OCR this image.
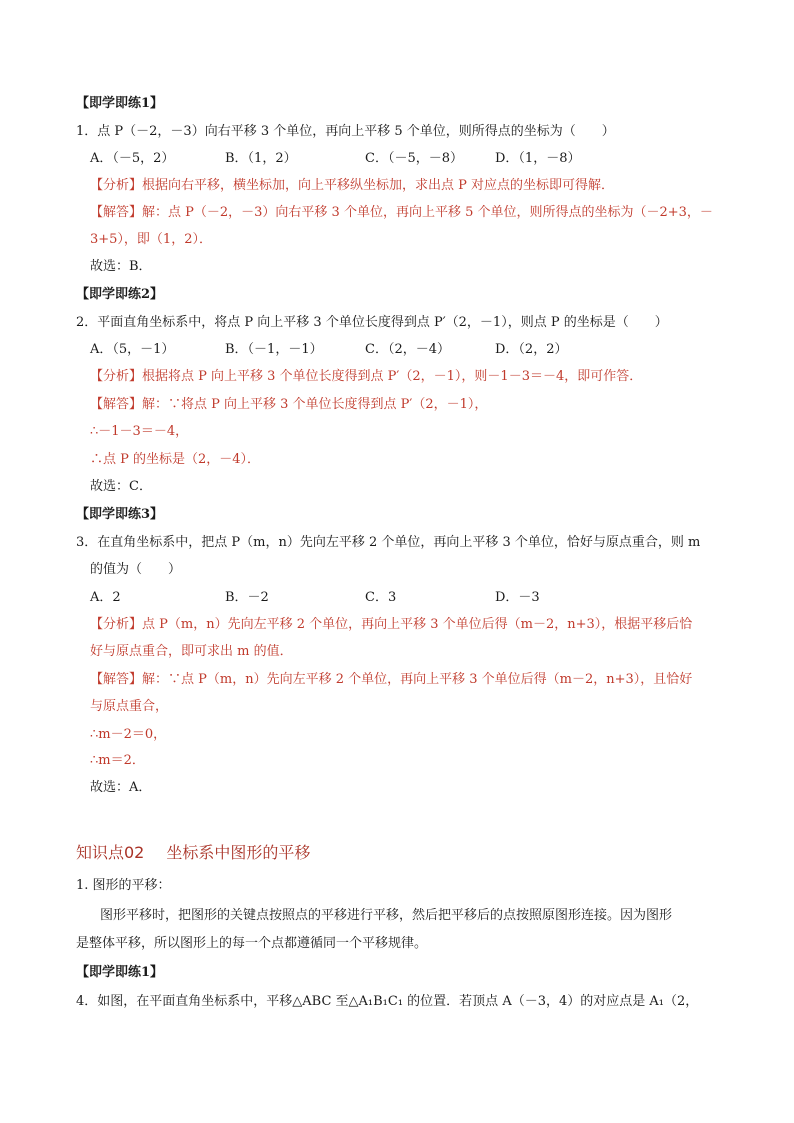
【即学即练1】
1．点 P（－2，－3）向右平移 3 个单位，再向上平移 5 个单位，则所得点的坐标为（　　）
A．（－5，2）	B．（1，2）	C．（－5，－8） D．（1，－8）
【分析】根据向右平移，横坐标加，向上平移纵坐标加，求出点 P 对应点的坐标即可得解．
【解答】解：点 P（－2，－3）向右平移 3 个单位，再向上平移 5 个单位，则所得点的坐标为（－2+3，－
3+5），即（1，2）．
故选：B．
【即学即练2】
2．平面直角坐标系中，将点 P 向上平移 3 个单位长度得到点 P′（2，－1），则点 P 的坐标是（　　）
A．（5，－1）	B．（－1，－1）	C．（2，－4）	D．（2，2）
【分析】根据将点 P 向上平移 3 个单位长度得到点 P′（2，－1），则－1－3＝－4，即可作答．
【解答】解：∵将点 P 向上平移 3 个单位长度得到点 P′（2，－1），
∴－1－3＝－4，
∴点 P 的坐标是（2，－4）．
故选：C．
【即学即练3】
3．在直角坐标系中，把点 P（m，n）先向左平移 2 个单位，再向上平移 3 个单位，恰好与原点重合，则 m
的值为（　　）
A．2	B．－2	C．3	D．－3
【分析】点 P（m，n）先向左平移 2 个单位，再向上平移 3 个单位后得（m－2，n+3），根据平移后恰
好与原点重合，即可求出 m 的值．
【解答】解：∵点 P（m，n）先向左平移 2 个单位，再向上平移 3 个单位后得（m－2，n+3），且恰好
与原点重合，
∴m－2＝0，
∴m＝2．
故选：A．
知识点02 坐标系中图形的平移
1. 图形的平移：
图形平移时，把图形的关键点按照点的平移进行平移，然后把平移后的点按照原图形连接。因为图形
是整体平移，所以图形上的每一个点都遵循同一个平移规律。
【即学即练1】
4．如图，在平面直角坐标系中，平移△ABC 至△A₁B₁C₁ 的位置．若顶点 A（－3，4）的对应点是 A₁（2，
